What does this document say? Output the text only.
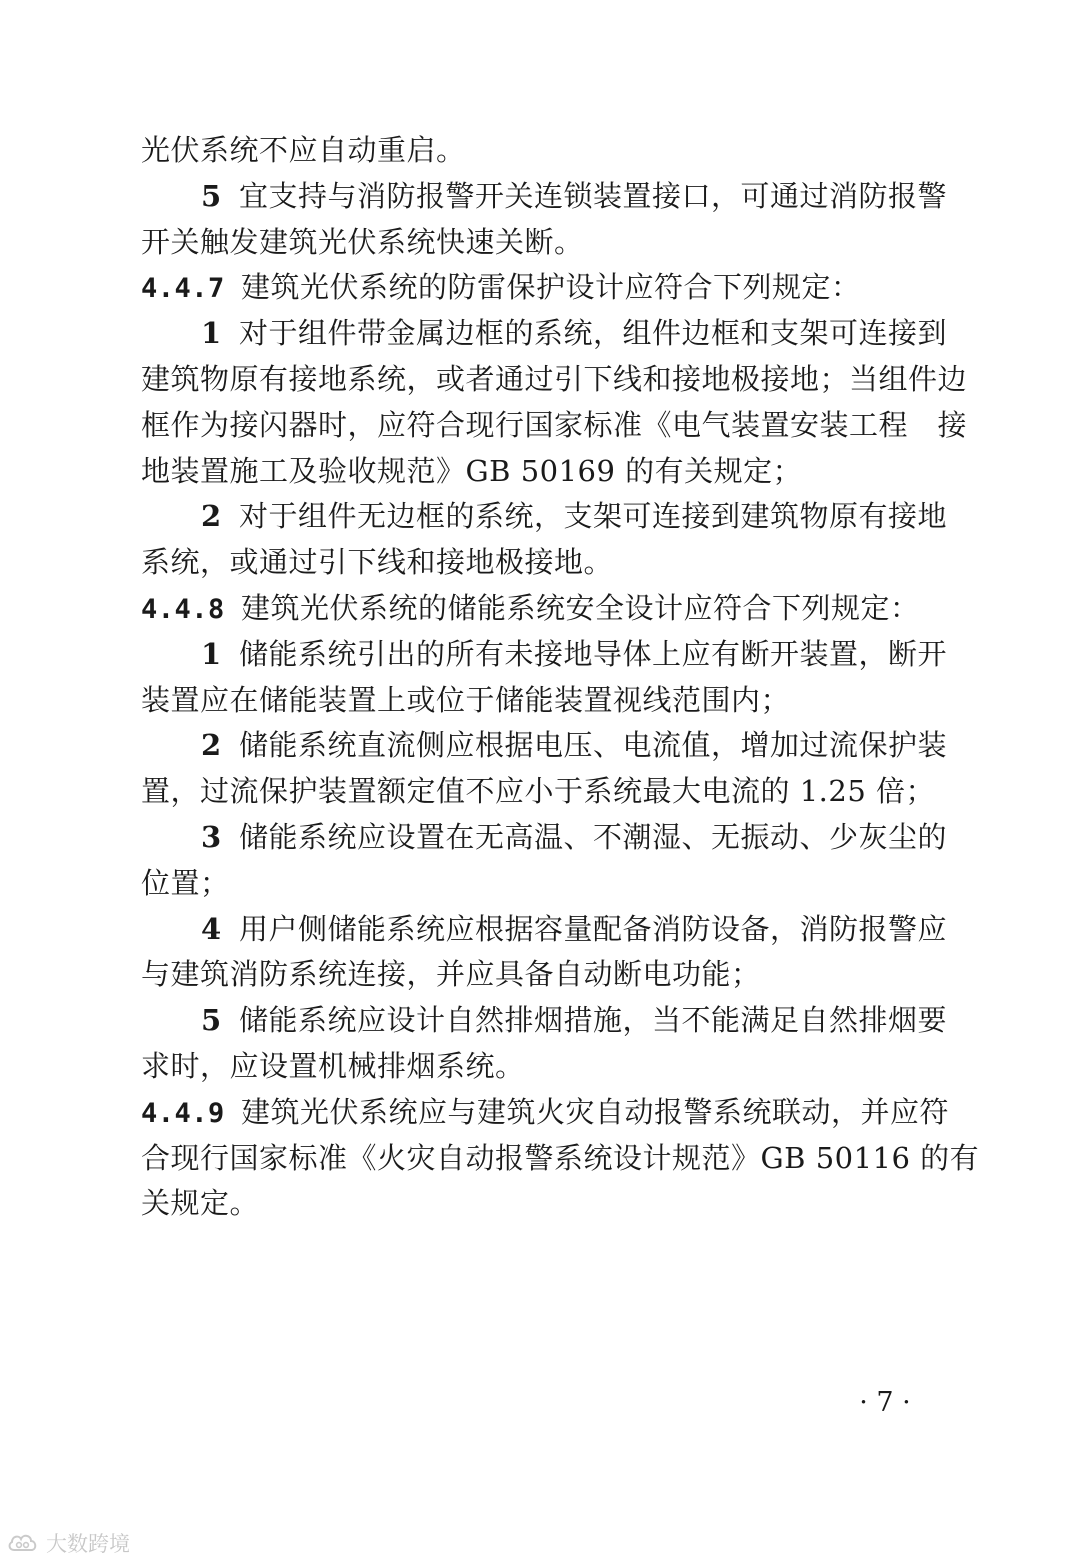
光伏系统不应自动重启。
5 宜支持与消防报警开关连锁装置接口，可通过消防报警
开关触发建筑光伏系统快速关断。
4.4.7 建筑光伏系统的防雷保护设计应符合下列规定：
1 对于组件带金属边框的系统，组件边框和支架可连接到
建筑物原有接地系统，或者通过引下线和接地极接地；当组件边
框作为接闪器时，应符合现行国家标准《电气装置安装工程　接
地装置施工及验收规范》GB 50169 的有关规定；
2 对于组件无边框的系统，支架可连接到建筑物原有接地
系统，或通过引下线和接地极接地。
4.4.8 建筑光伏系统的储能系统安全设计应符合下列规定：
1 储能系统引出的所有未接地导体上应有断开装置，断开
装置应在储能装置上或位于储能装置视线范围内；
2 储能系统直流侧应根据电压、电流值，增加过流保护装
置，过流保护装置额定值不应小于系统最大电流的 1.25 倍；
3 储能系统应设置在无高温、不潮湿、无振动、少灰尘的
位置；
4 用户侧储能系统应根据容量配备消防设备，消防报警应
与建筑消防系统连接，并应具备自动断电功能；
5 储能系统应设计自然排烟措施，当不能满足自然排烟要
求时，应设置机械排烟系统。
4.4.9 建筑光伏系统应与建筑火灾自动报警系统联动，并应符
合现行国家标准《火灾自动报警系统设计规范》GB 50116 的有
关规定。
· 7 ·
大数跨境
